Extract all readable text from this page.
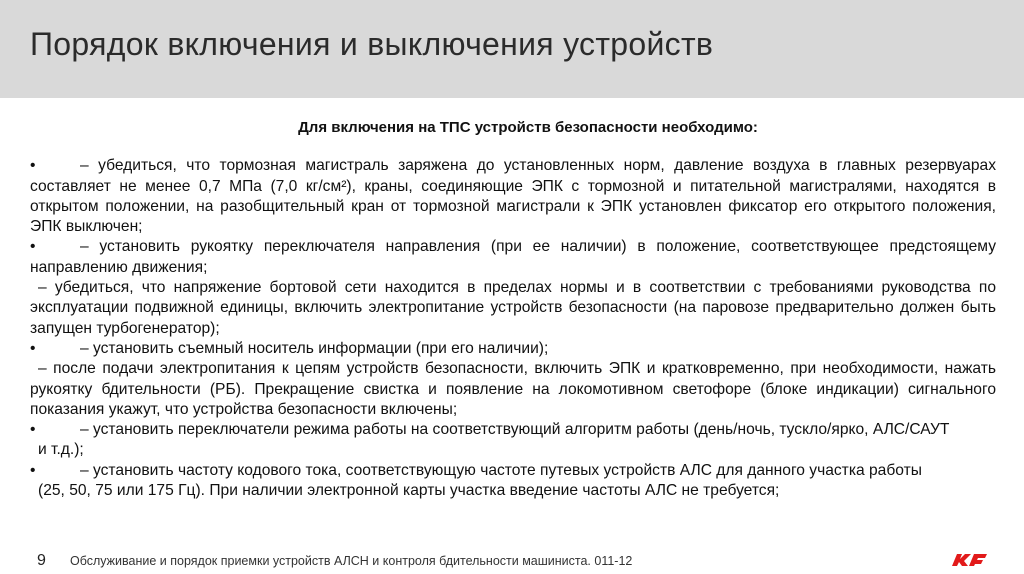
Порядок включения и выключения устройств
Для включения на ТПС устройств безопасности необходимо:

•	– убедиться, что тормозная магистраль заряжена до установленных норм, давление воздуха в главных резервуарах составляет не менее 0,7 МПа (7,0 кг/см²), краны, соединяющие ЭПК с тормозной и питательной магистралями, находятся в открытом положении, на разобщительный кран от тормозной магистрали к ЭПК установлен фиксатор его открытого положения, ЭПК выключен;

•	– установить рукоятку переключателя направления (при ее наличии) в положение, соответствующее предстоящему направлению движения;

– убедиться, что напряжение бортовой сети находится в пределах нормы и в соответствии с требованиями руководства по эксплуатации подвижной единицы, включить электропитание устройств безопасности (на паровозе предварительно должен быть запущен турбогенератор);

•	– установить съемный носитель информации (при его наличии);

– после подачи электропитания к цепям устройств безопасности, включить ЭПК и кратковременно, при необходимости, нажать рукоятку бдительности (РБ). Прекращение свистка и появление на локомотивном светофоре (блоке индикации) сигнального показания укажут, что устройства безопасности включены;

•	– установить переключатели режима работы на соответствующий алгоритм работы (день/ночь, тускло/ярко, АЛС/САУТ

и т.д.);

•	– установить частоту кодового тока, соответствующую частоте путевых устройств АЛС для данного участка работы

(25, 50, 75 или 175 Гц). При наличии электронной карты участка введение частоты АЛС не требуется;

9 Обслуживание и порядок приемки устройств АЛСН и контроля бдительности машиниста. 011-12
